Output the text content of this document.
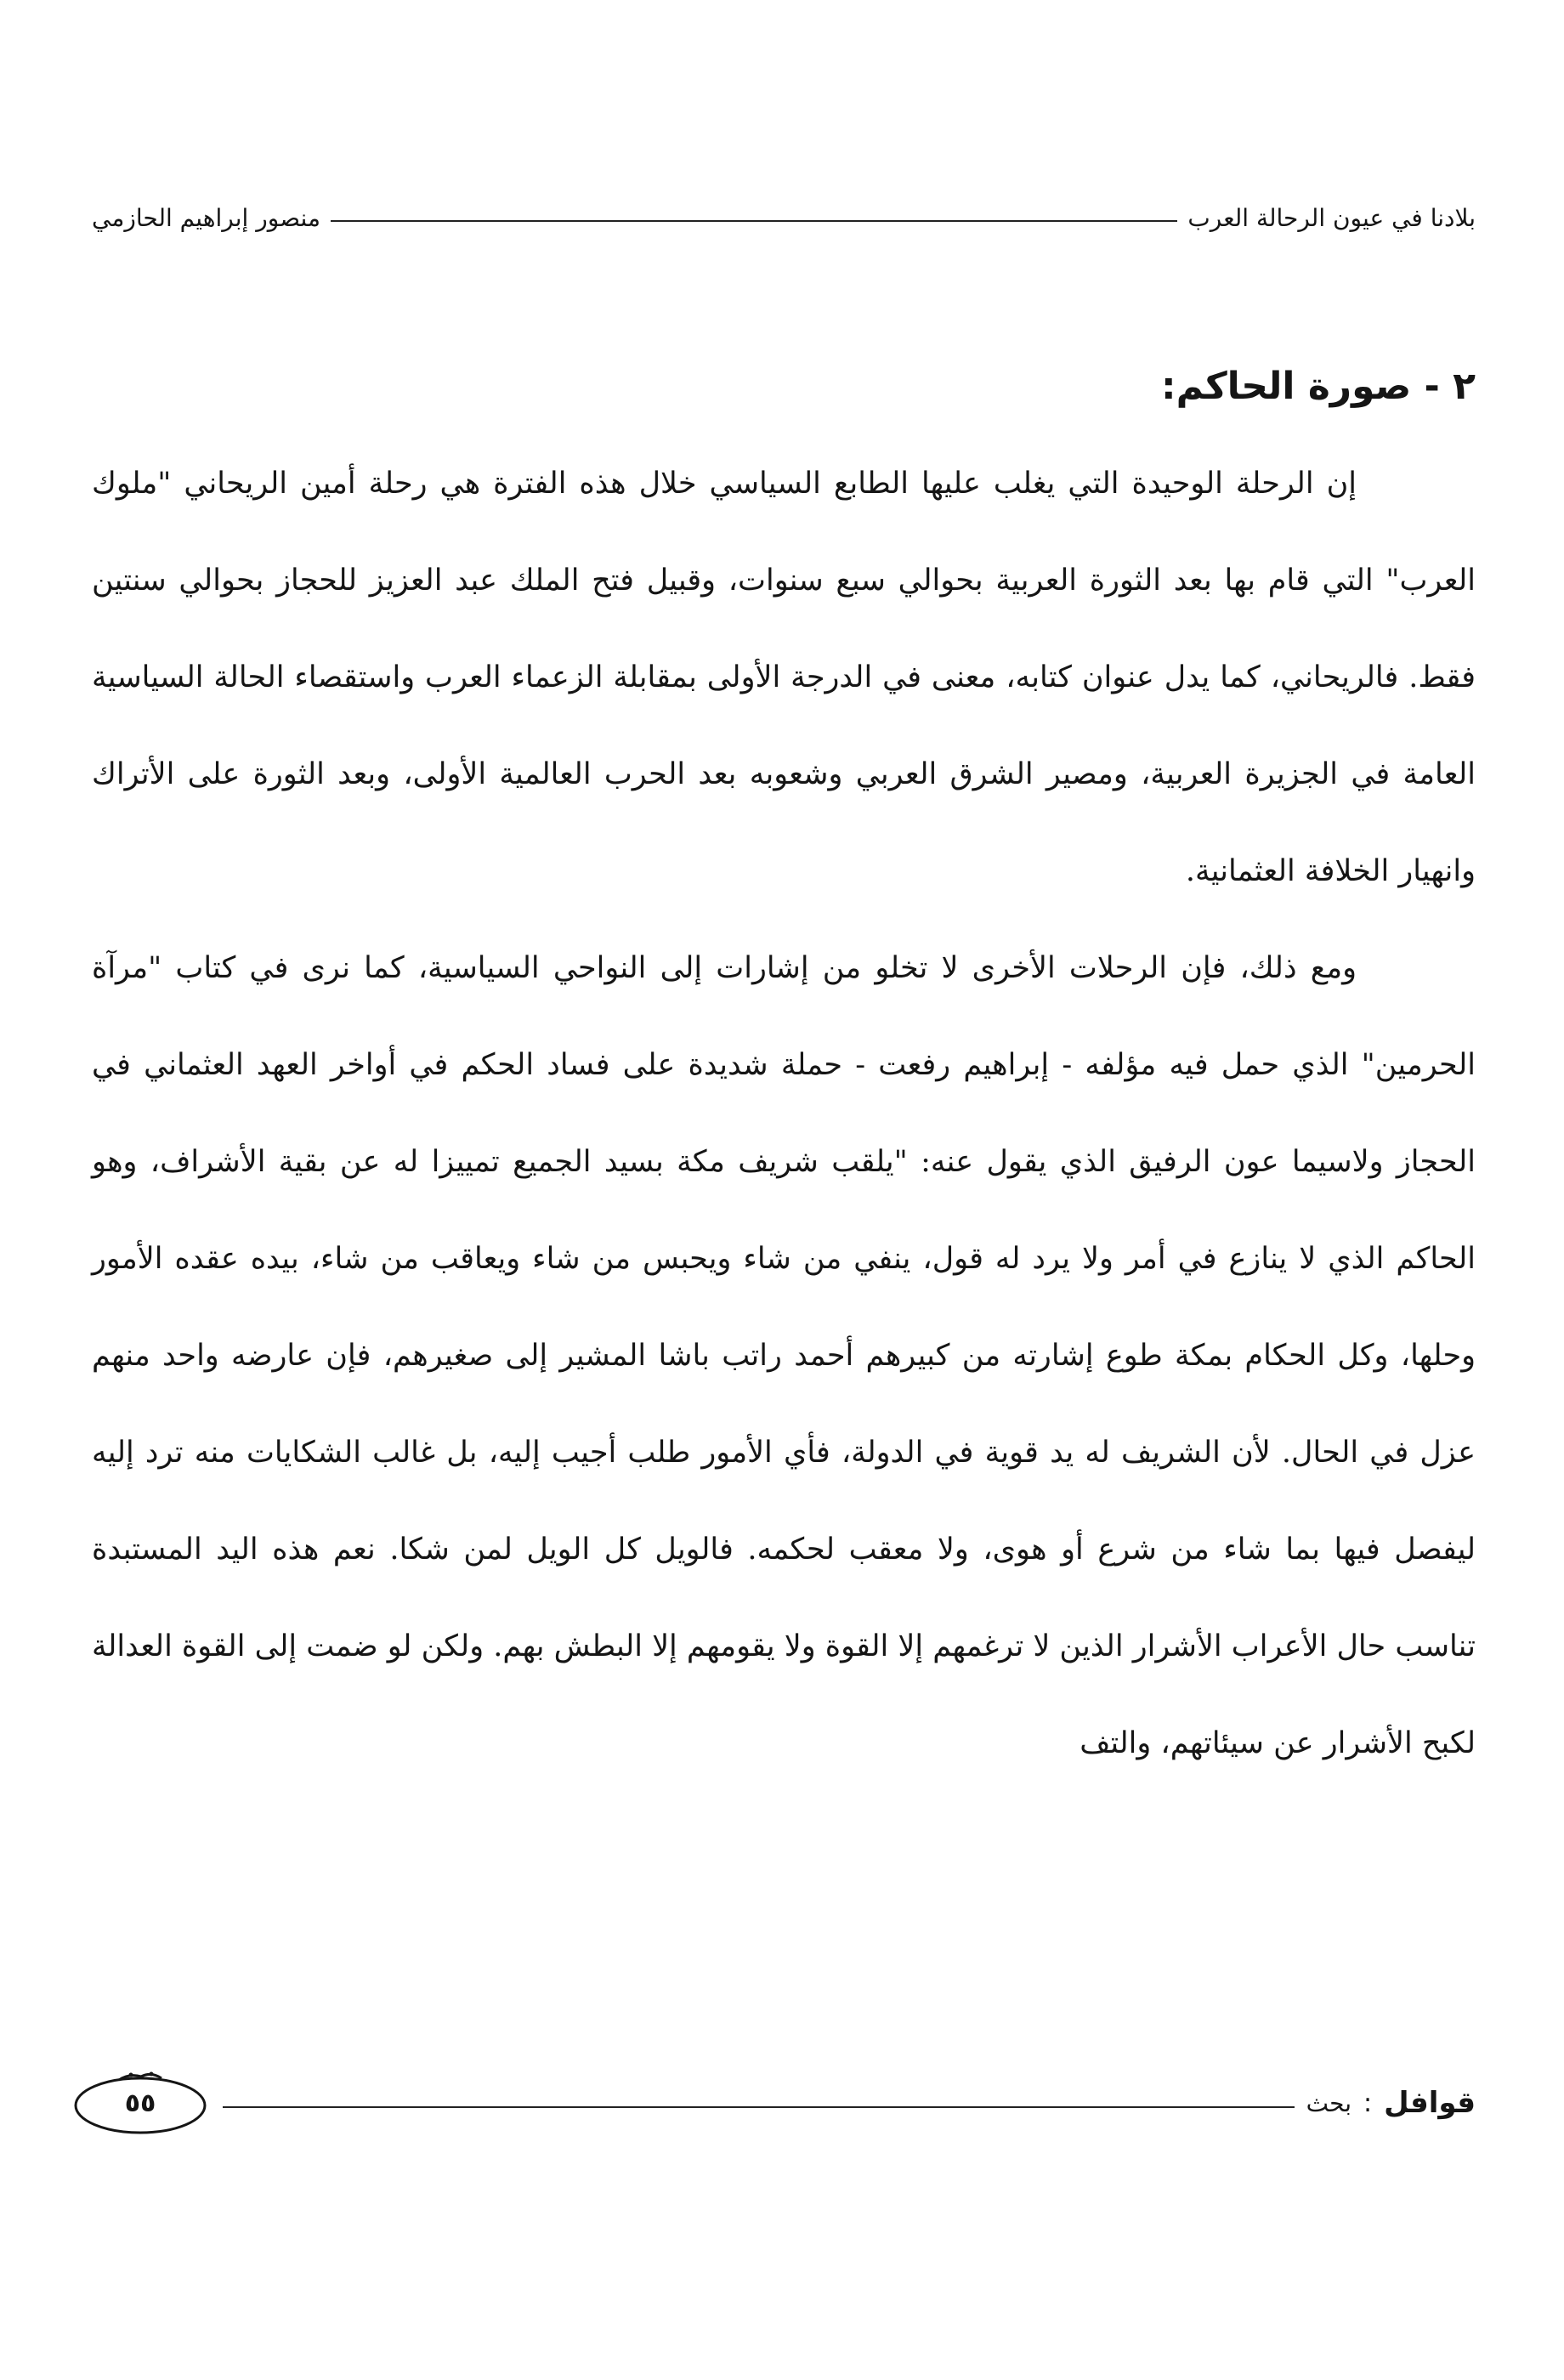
بلادنا في عيون الرحالة العرب
منصور إبراهيم الحازمي
٢ - صورة الحاكم:

إن الرحلة الوحيدة التي يغلب عليها الطابع السياسي خلال هذه الفترة هي رحلة أمين الريحاني "ملوك العرب" التي قام بها بعد الثورة العربية بحوالي سبع سنوات، وقبيل فتح الملك عبد العزيز للحجاز بحوالي سنتين فقط. فالريحاني، كما يدل عنوان كتابه، معنى في الدرجة الأولى بمقابلة الزعماء العرب واستقصاء الحالة السياسية العامة في الجزيرة العربية، ومصير الشرق العربي وشعوبه بعد الحرب العالمية الأولى، وبعد الثورة على الأتراك وانهيار الخلافة العثمانية.

ومع ذلك، فإن الرحلات الأخرى لا تخلو من إشارات إلى النواحي السياسية، كما نرى في كتاب "مرآة الحرمين" الذي حمل فيه مؤلفه - إبراهيم رفعت - حملة شديدة على فساد الحكم في أواخر العهد العثماني في الحجاز ولاسيما عون الرفيق الذي يقول عنه: "يلقب شريف مكة بسيد الجميع تمييزا له عن بقية الأشراف، وهو الحاكم الذي لا ينازع في أمر ولا يرد له قول، ينفي من شاء ويحبس من شاء ويعاقب من شاء، بيده عقده الأمور وحلها، وكل الحكام بمكة طوع إشارته من كبيرهم أحمد راتب باشا المشير إلى صغيرهم، فإن عارضه واحد منهم عزل في الحال. لأن الشريف له يد قوية في الدولة، فأي الأمور طلب أجيب إليه، بل غالب الشكايات منه ترد إليه ليفصل فيها بما شاء من شرع أو هوى، ولا معقب لحكمه. فالويل كل الويل لمن شكا. نعم هذه اليد المستبدة تناسب حال الأعراب الأشرار الذين لا ترغمهم إلا القوة ولا يقومهم إلا البطش بهم. ولكن لو ضمت إلى القوة العدالة لكبح الأشرار عن سيئاتهم، والتف

قوافل
:
بحث
٥٥
